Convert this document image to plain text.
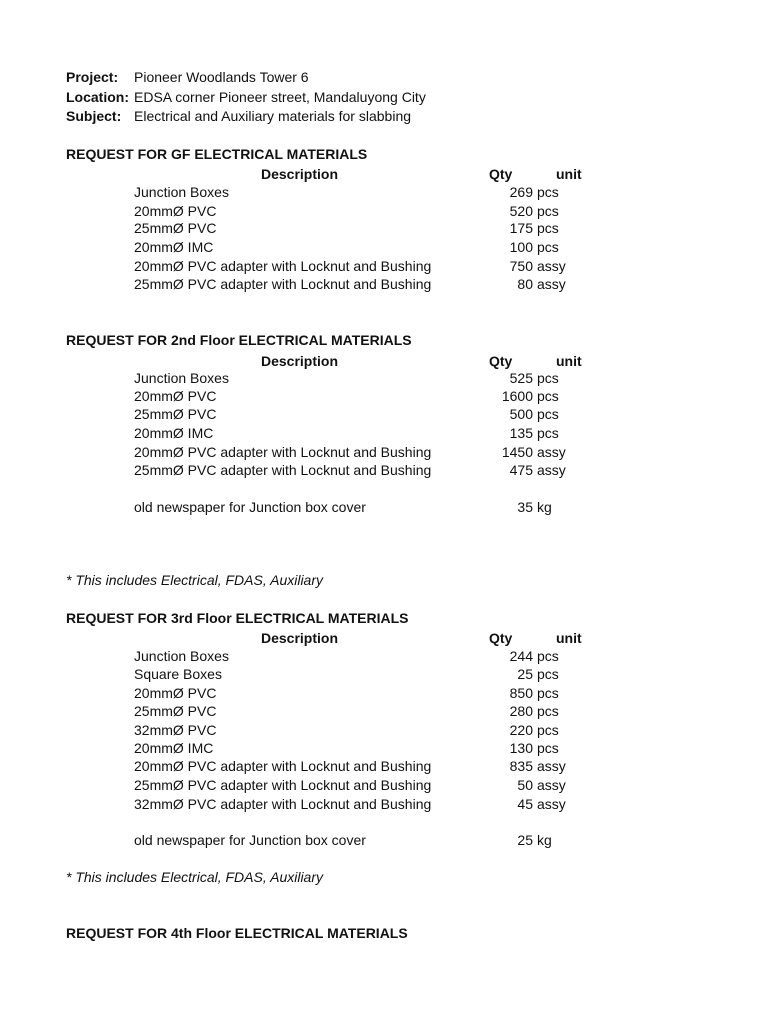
Project: Pioneer Woodlands Tower 6
Location: EDSA corner Pioneer street, Mandaluyong City
Subject: Electrical and Auxiliary materials for slabbing
REQUEST FOR GF ELECTRICAL MATERIALS
Description	Qty	unit
Junction Boxes	269 pcs
20mmØ PVC	520 pcs
25mmØ PVC	175 pcs
20mmØ IMC	100 pcs
20mmØ PVC adapter with Locknut and Bushing	750 assy
25mmØ PVC adapter with Locknut and Bushing	80 assy
REQUEST FOR 2nd Floor ELECTRICAL MATERIALS
Description	Qty	unit
Junction Boxes	525 pcs
20mmØ PVC	1600 pcs
25mmØ PVC	500 pcs
20mmØ IMC	135 pcs
20mmØ PVC adapter with Locknut and Bushing	1450 assy
25mmØ PVC adapter with Locknut and Bushing	475 assy
old newspaper for Junction box cover	35 kg
* This includes Electrical, FDAS, Auxiliary
REQUEST FOR 3rd Floor ELECTRICAL MATERIALS
Description	Qty	unit
Junction Boxes	244 pcs
Square Boxes	25 pcs
20mmØ PVC	850 pcs
25mmØ PVC	280 pcs
32mmØ PVC	220 pcs
20mmØ IMC	130 pcs
20mmØ PVC adapter with Locknut and Bushing	835 assy
25mmØ PVC adapter with Locknut and Bushing	50 assy
32mmØ PVC adapter with Locknut and Bushing	45 assy
old newspaper for Junction box cover	25 kg
* This includes Electrical, FDAS, Auxiliary
REQUEST FOR 4th Floor ELECTRICAL MATERIALS
